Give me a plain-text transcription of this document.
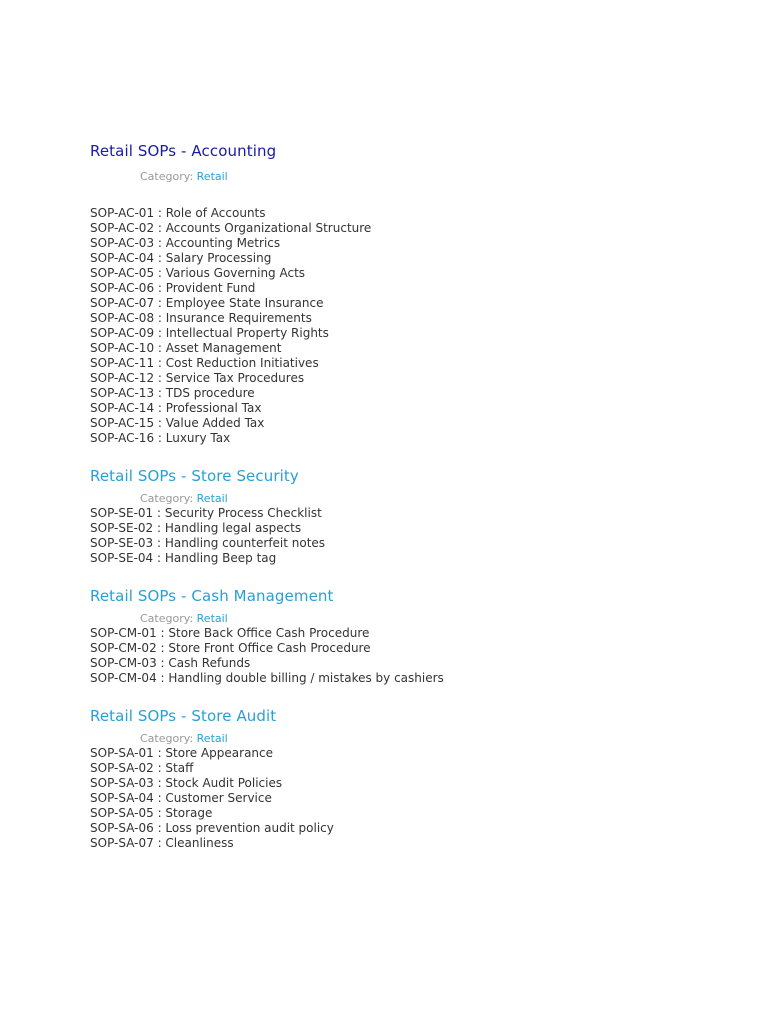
Retail SOPs - Accounting
Category: Retail
SOP-AC-01 : Role of Accounts
SOP-AC-02 : Accounts Organizational Structure
SOP-AC-03 : Accounting Metrics
SOP-AC-04 : Salary Processing
SOP-AC-05 : Various Governing Acts
SOP-AC-06 : Provident Fund
SOP-AC-07 : Employee State Insurance
SOP-AC-08 : Insurance Requirements
SOP-AC-09 : Intellectual Property Rights
SOP-AC-10 : Asset Management
SOP-AC-11 : Cost Reduction Initiatives
SOP-AC-12 : Service Tax Procedures
SOP-AC-13 : TDS procedure
SOP-AC-14 : Professional Tax
SOP-AC-15 : Value Added Tax
SOP-AC-16 : Luxury Tax
Retail SOPs - Store Security
Category: Retail
SOP-SE-01 : Security Process Checklist
SOP-SE-02 : Handling legal aspects
SOP-SE-03 : Handling counterfeit notes
SOP-SE-04 : Handling Beep tag
Retail SOPs - Cash Management
Category: Retail
SOP-CM-01 : Store Back Office Cash Procedure
SOP-CM-02 : Store Front Office Cash Procedure
SOP-CM-03 : Cash Refunds
SOP-CM-04 : Handling double billing / mistakes by cashiers
Retail SOPs - Store Audit
Category: Retail
SOP-SA-01 : Store Appearance
SOP-SA-02 : Staff
SOP-SA-03 : Stock Audit Policies
SOP-SA-04 : Customer Service
SOP-SA-05 : Storage
SOP-SA-06 : Loss prevention audit policy
SOP-SA-07 : Cleanliness
